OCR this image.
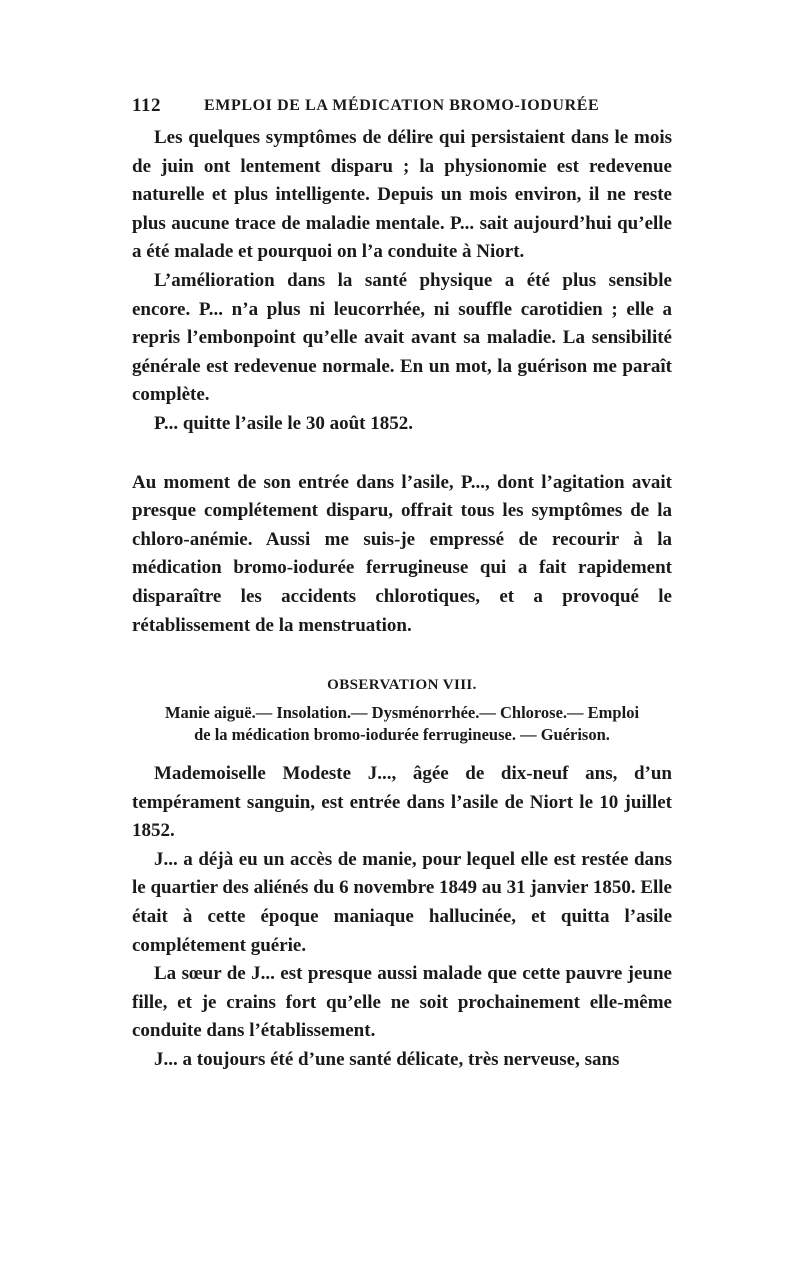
112	EMPLOI DE LA MÉDICATION BROMO-IODURÉE

Les quelques symptômes de délire qui persistaient dans le mois de juin ont lentement disparu ; la physionomie est redevenue naturelle et plus intelligente. Depuis un mois environ, il ne reste plus aucune trace de maladie mentale. P... sait aujourd’hui qu’elle a été malade et pourquoi on l’a conduite à Niort.

L’amélioration dans la santé physique a été plus sensible encore. P... n’a plus ni leucorrhée, ni souffle carotidien ; elle a repris l’embonpoint qu’elle avait avant sa maladie. La sensibilité générale est redevenue normale. En un mot, la guérison me paraît complète.

P... quitte l’asile le 30 août 1852.

Au moment de son entrée dans l’asile, P..., dont l’agitation avait presque complétement disparu, offrait tous les symptômes de la chloro-anémie. Aussi me suis-je empressé de recourir à la médication bromo-iodurée ferrugineuse qui a fait rapidement disparaître les accidents chlorotiques, et a provoqué le rétablissement de la menstruation.

OBSERVATION VIII.
Manie aiguë.— Insolation.— Dysménorrhée.— Chlorose.— Emploi
de la médication bromo-iodurée ferrugineuse. — Guérison.

Mademoiselle Modeste J..., âgée de dix-neuf ans, d’un tempérament sanguin, est entrée dans l’asile de Niort le 10 juillet 1852.

J... a déjà eu un accès de manie, pour lequel elle est restée dans le quartier des aliénés du 6 novembre 1849 au 31 janvier 1850. Elle était à cette époque maniaque hallucinée, et quitta l’asile complétement guérie.

La sœur de J... est presque aussi malade que cette pauvre jeune fille, et je crains fort qu’elle ne soit prochainement elle-même conduite dans l’établissement.

J... a toujours été d’une santé délicate, très nerveuse, sans
